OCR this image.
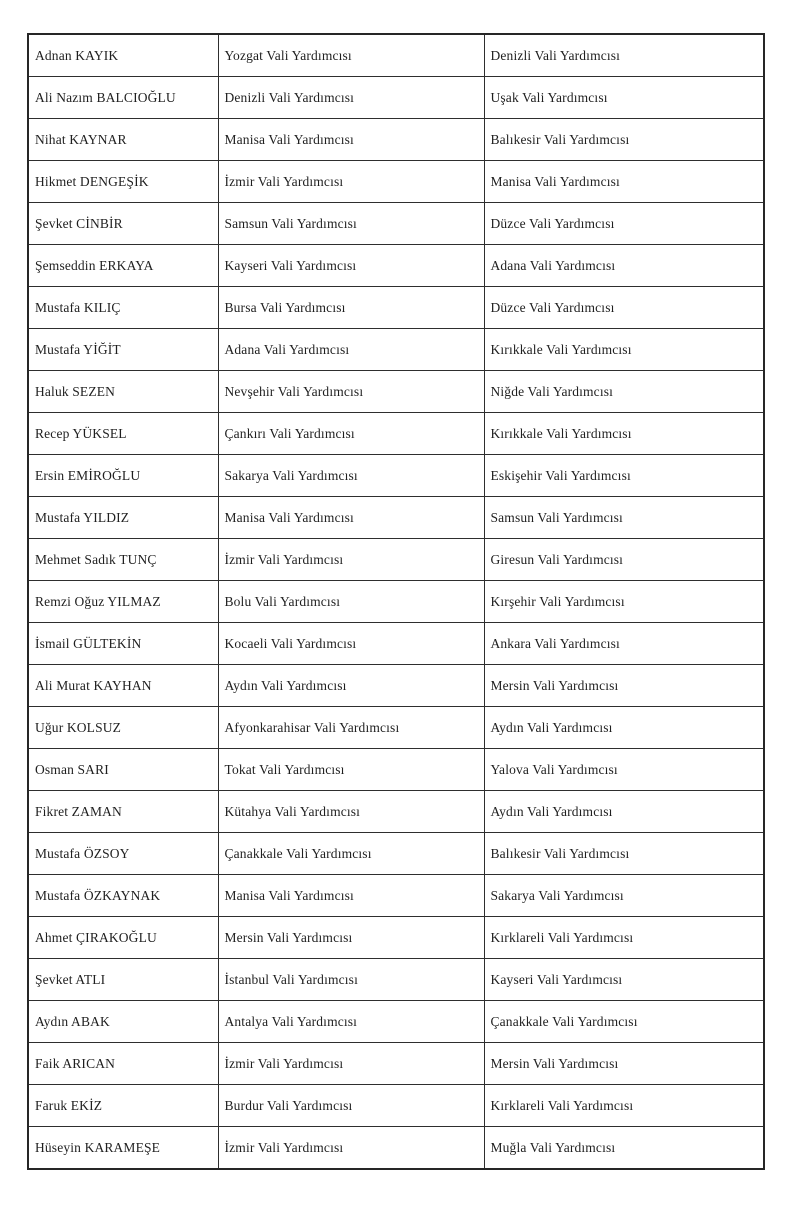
Adnan KAYIK	Yozgat Vali Yardımcısı	Denizli Vali Yardımcısı
Ali Nazım BALCIOĞLU	Denizli Vali Yardımcısı	Uşak Vali Yardımcısı
Nihat KAYNAR	Manisa Vali Yardımcısı	Balıkesir Vali Yardımcısı
Hikmet DENGEŞİK	İzmir Vali Yardımcısı	Manisa Vali Yardımcısı
Şevket CİNBİR	Samsun Vali Yardımcısı	Düzce Vali Yardımcısı
Şemseddin ERKAYA	Kayseri Vali Yardımcısı	Adana Vali Yardımcısı
Mustafa KILIÇ	Bursa Vali Yardımcısı	Düzce Vali Yardımcısı
Mustafa YİĞİT	Adana Vali Yardımcısı	Kırıkkale Vali Yardımcısı
Haluk SEZEN	Nevşehir Vali Yardımcısı	Niğde Vali Yardımcısı
Recep YÜKSEL	Çankırı Vali Yardımcısı	Kırıkkale Vali Yardımcısı
Ersin EMİROĞLU	Sakarya Vali Yardımcısı	Eskişehir Vali Yardımcısı
Mustafa YILDIZ	Manisa Vali Yardımcısı	Samsun Vali Yardımcısı
Mehmet Sadık TUNÇ	İzmir Vali Yardımcısı	Giresun Vali Yardımcısı
Remzi Oğuz YILMAZ	Bolu Vali Yardımcısı	Kırşehir Vali Yardımcısı
İsmail GÜLTEKİN	Kocaeli Vali Yardımcısı	Ankara Vali Yardımcısı
Ali Murat KAYHAN	Aydın Vali Yardımcısı	Mersin Vali Yardımcısı
Uğur KOLSUZ	Afyonkarahisar Vali Yardımcısı	Aydın Vali Yardımcısı
Osman SARI	Tokat Vali Yardımcısı	Yalova Vali Yardımcısı
Fikret ZAMAN	Kütahya Vali Yardımcısı	Aydın Vali Yardımcısı
Mustafa ÖZSOY	Çanakkale Vali Yardımcısı	Balıkesir Vali Yardımcısı
Mustafa ÖZKAYNAK	Manisa Vali Yardımcısı	Sakarya Vali Yardımcısı
Ahmet ÇIRAKOĞLU	Mersin Vali Yardımcısı	Kırklareli Vali Yardımcısı
Şevket ATLI	İstanbul Vali Yardımcısı	Kayseri Vali Yardımcısı
Aydın ABAK	Antalya Vali Yardımcısı	Çanakkale Vali Yardımcısı
Faik ARICAN	İzmir Vali Yardımcısı	Mersin Vali Yardımcısı
Faruk EKİZ	Burdur Vali Yardımcısı	Kırklareli Vali Yardımcısı
Hüseyin KARAMEŞE	İzmir Vali Yardımcısı	Muğla Vali Yardımcısı
